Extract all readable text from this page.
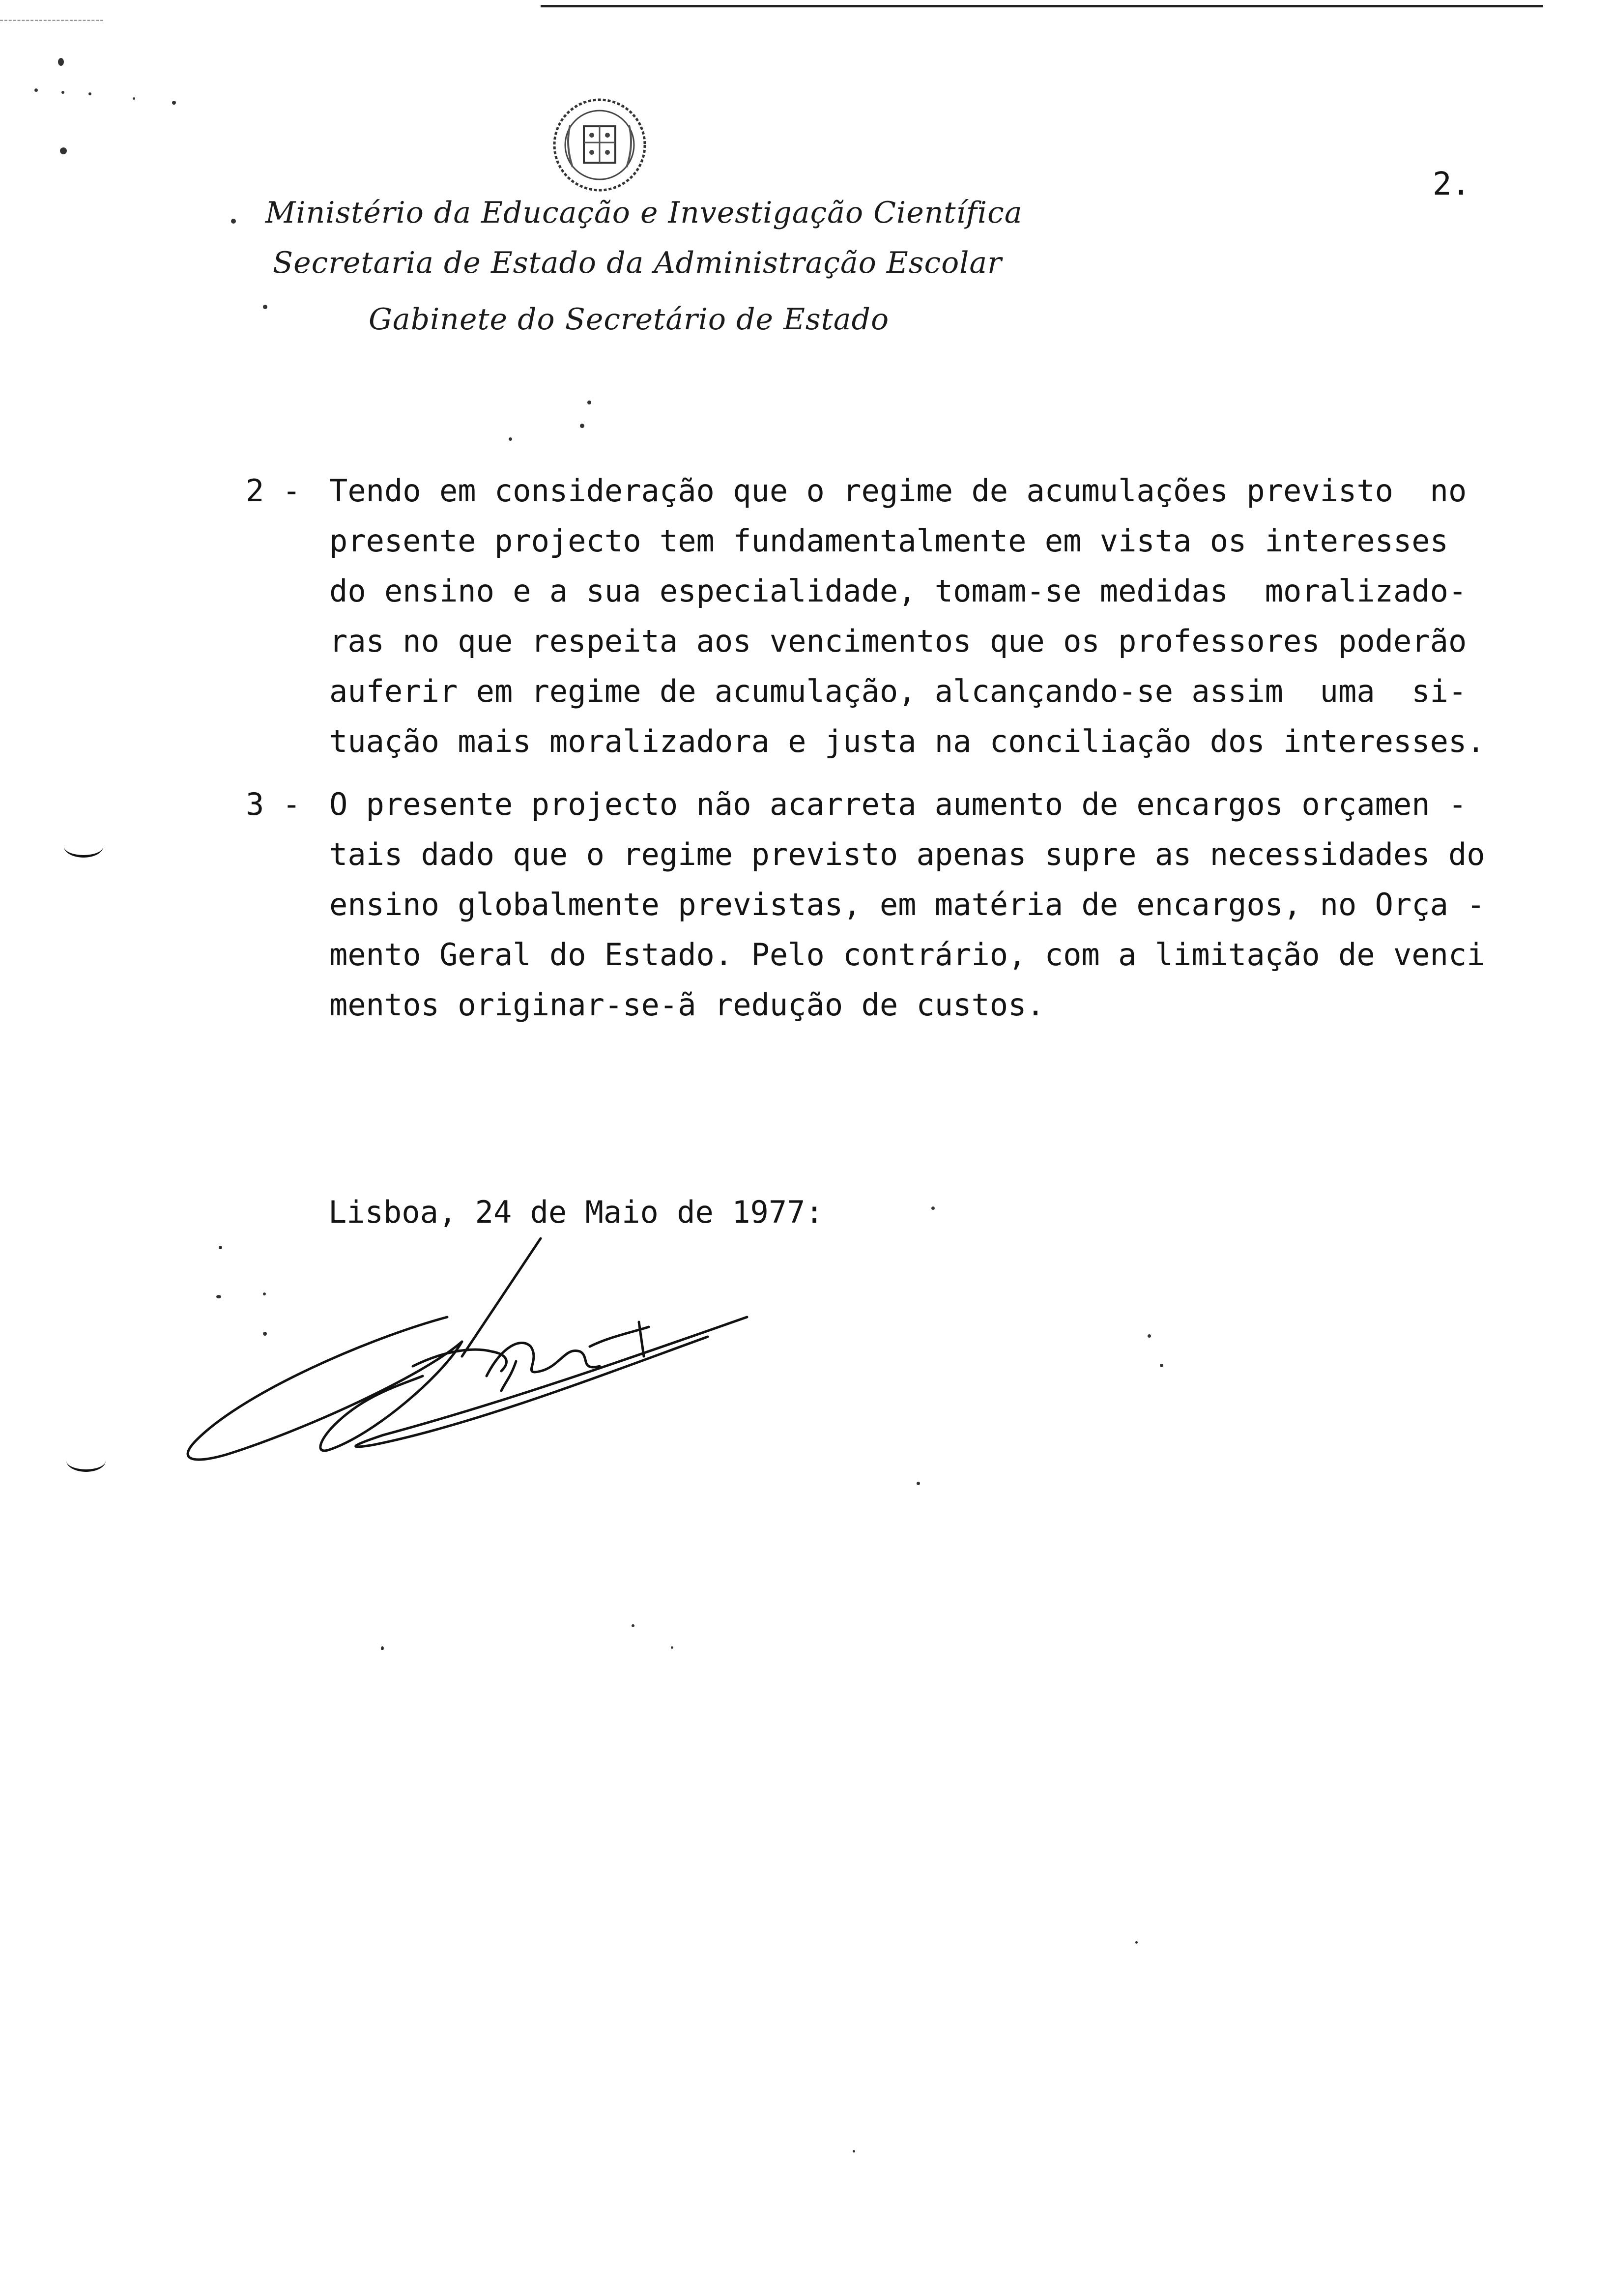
2.
Ministério da Educação e Investigação Científica
Secretaria de Estado da Administração Escolar
Gabinete do Secretário de Estado
2 - Tendo em consideração que o regime de acumulações previsto  no
presente projecto tem fundamentalmente em vista os interesses
do ensino e a sua especialidade, tomam-se medidas  moralizado-
ras no que respeita aos vencimentos que os professores poderão
auferir em regime de acumulação, alcançando-se assim  uma  si-
tuação mais moralizadora e justa na conciliação dos interesses.
3 - O presente projecto não acarreta aumento de encargos orçamen -
tais dado que o regime previsto apenas supre as necessidades do
ensino globalmente previstas, em matéria de encargos, no Orça -
mento Geral do Estado. Pelo contrário, com a limitação de venci
mentos originar-se-ã redução de custos.
Lisboa, 24 de Maio de 1977:
